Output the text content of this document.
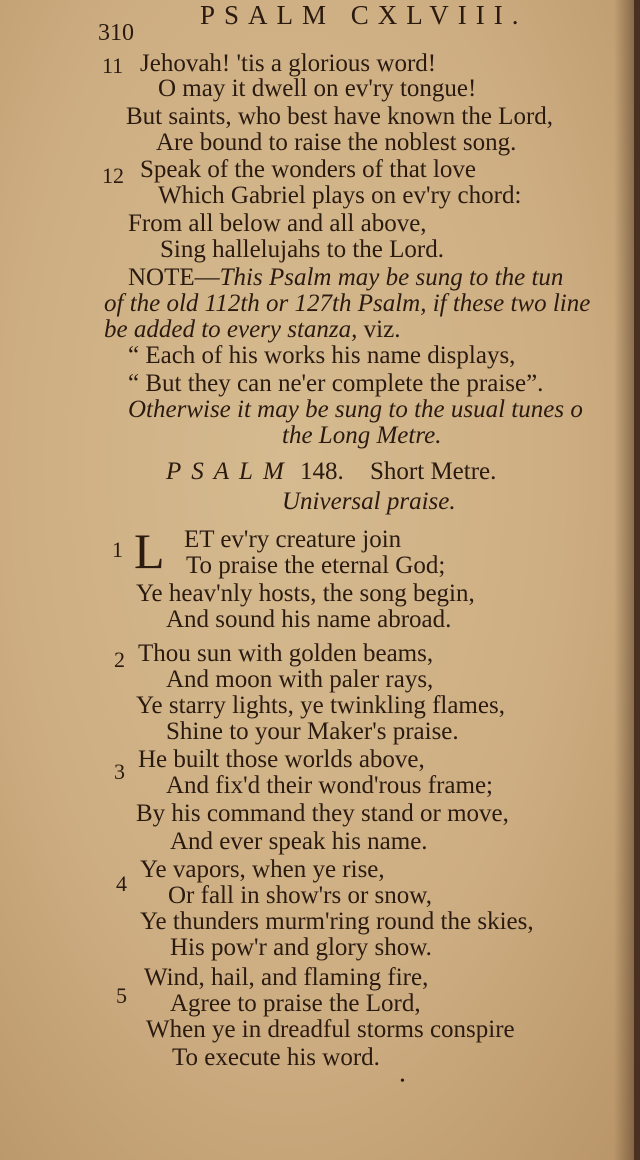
310
PSALM CXLVIII.
11 Jehovah! 'tis a glorious word!
O may it dwell on ev'ry tongue!
But saints, who best have known the Lord,
Are bound to raise the noblest song.
12 Speak of the wonders of that love
Which Gabriel plays on ev'ry chord:
From all below and all above,
Sing hallelujahs to the Lord.
NOTE—This Psalm may be sung to the tun
of the old 112th or 127th Psalm, if these two line
be added to every stanza, viz.
“ Each of his works his name displays,
“ But they can ne'er complete the praise”.
Otherwise it may be sung to the usual tunes o
the Long Metre.
PSALM 148. Short Metre.
Universal praise.
1 L ET ev'ry creature join
To praise the eternal God;
Ye heav'nly hosts, the song begin,
And sound his name abroad.
2 Thou sun with golden beams,
And moon with paler rays,
Ye starry lights, ye twinkling flames,
Shine to your Maker's praise.
3 He built those worlds above,
And fix'd their wond'rous frame;
By his command they stand or move,
And ever speak his name.
4
Ye vapors, when ye rise,
Or fall in show'rs or snow,
Ye thunders murm'ring round the skies,
His pow'r and glory show.
5
Wind, hail, and flaming fire,
Agree to praise the Lord,
When ye in dreadful storms conspire
To execute his word.
•
